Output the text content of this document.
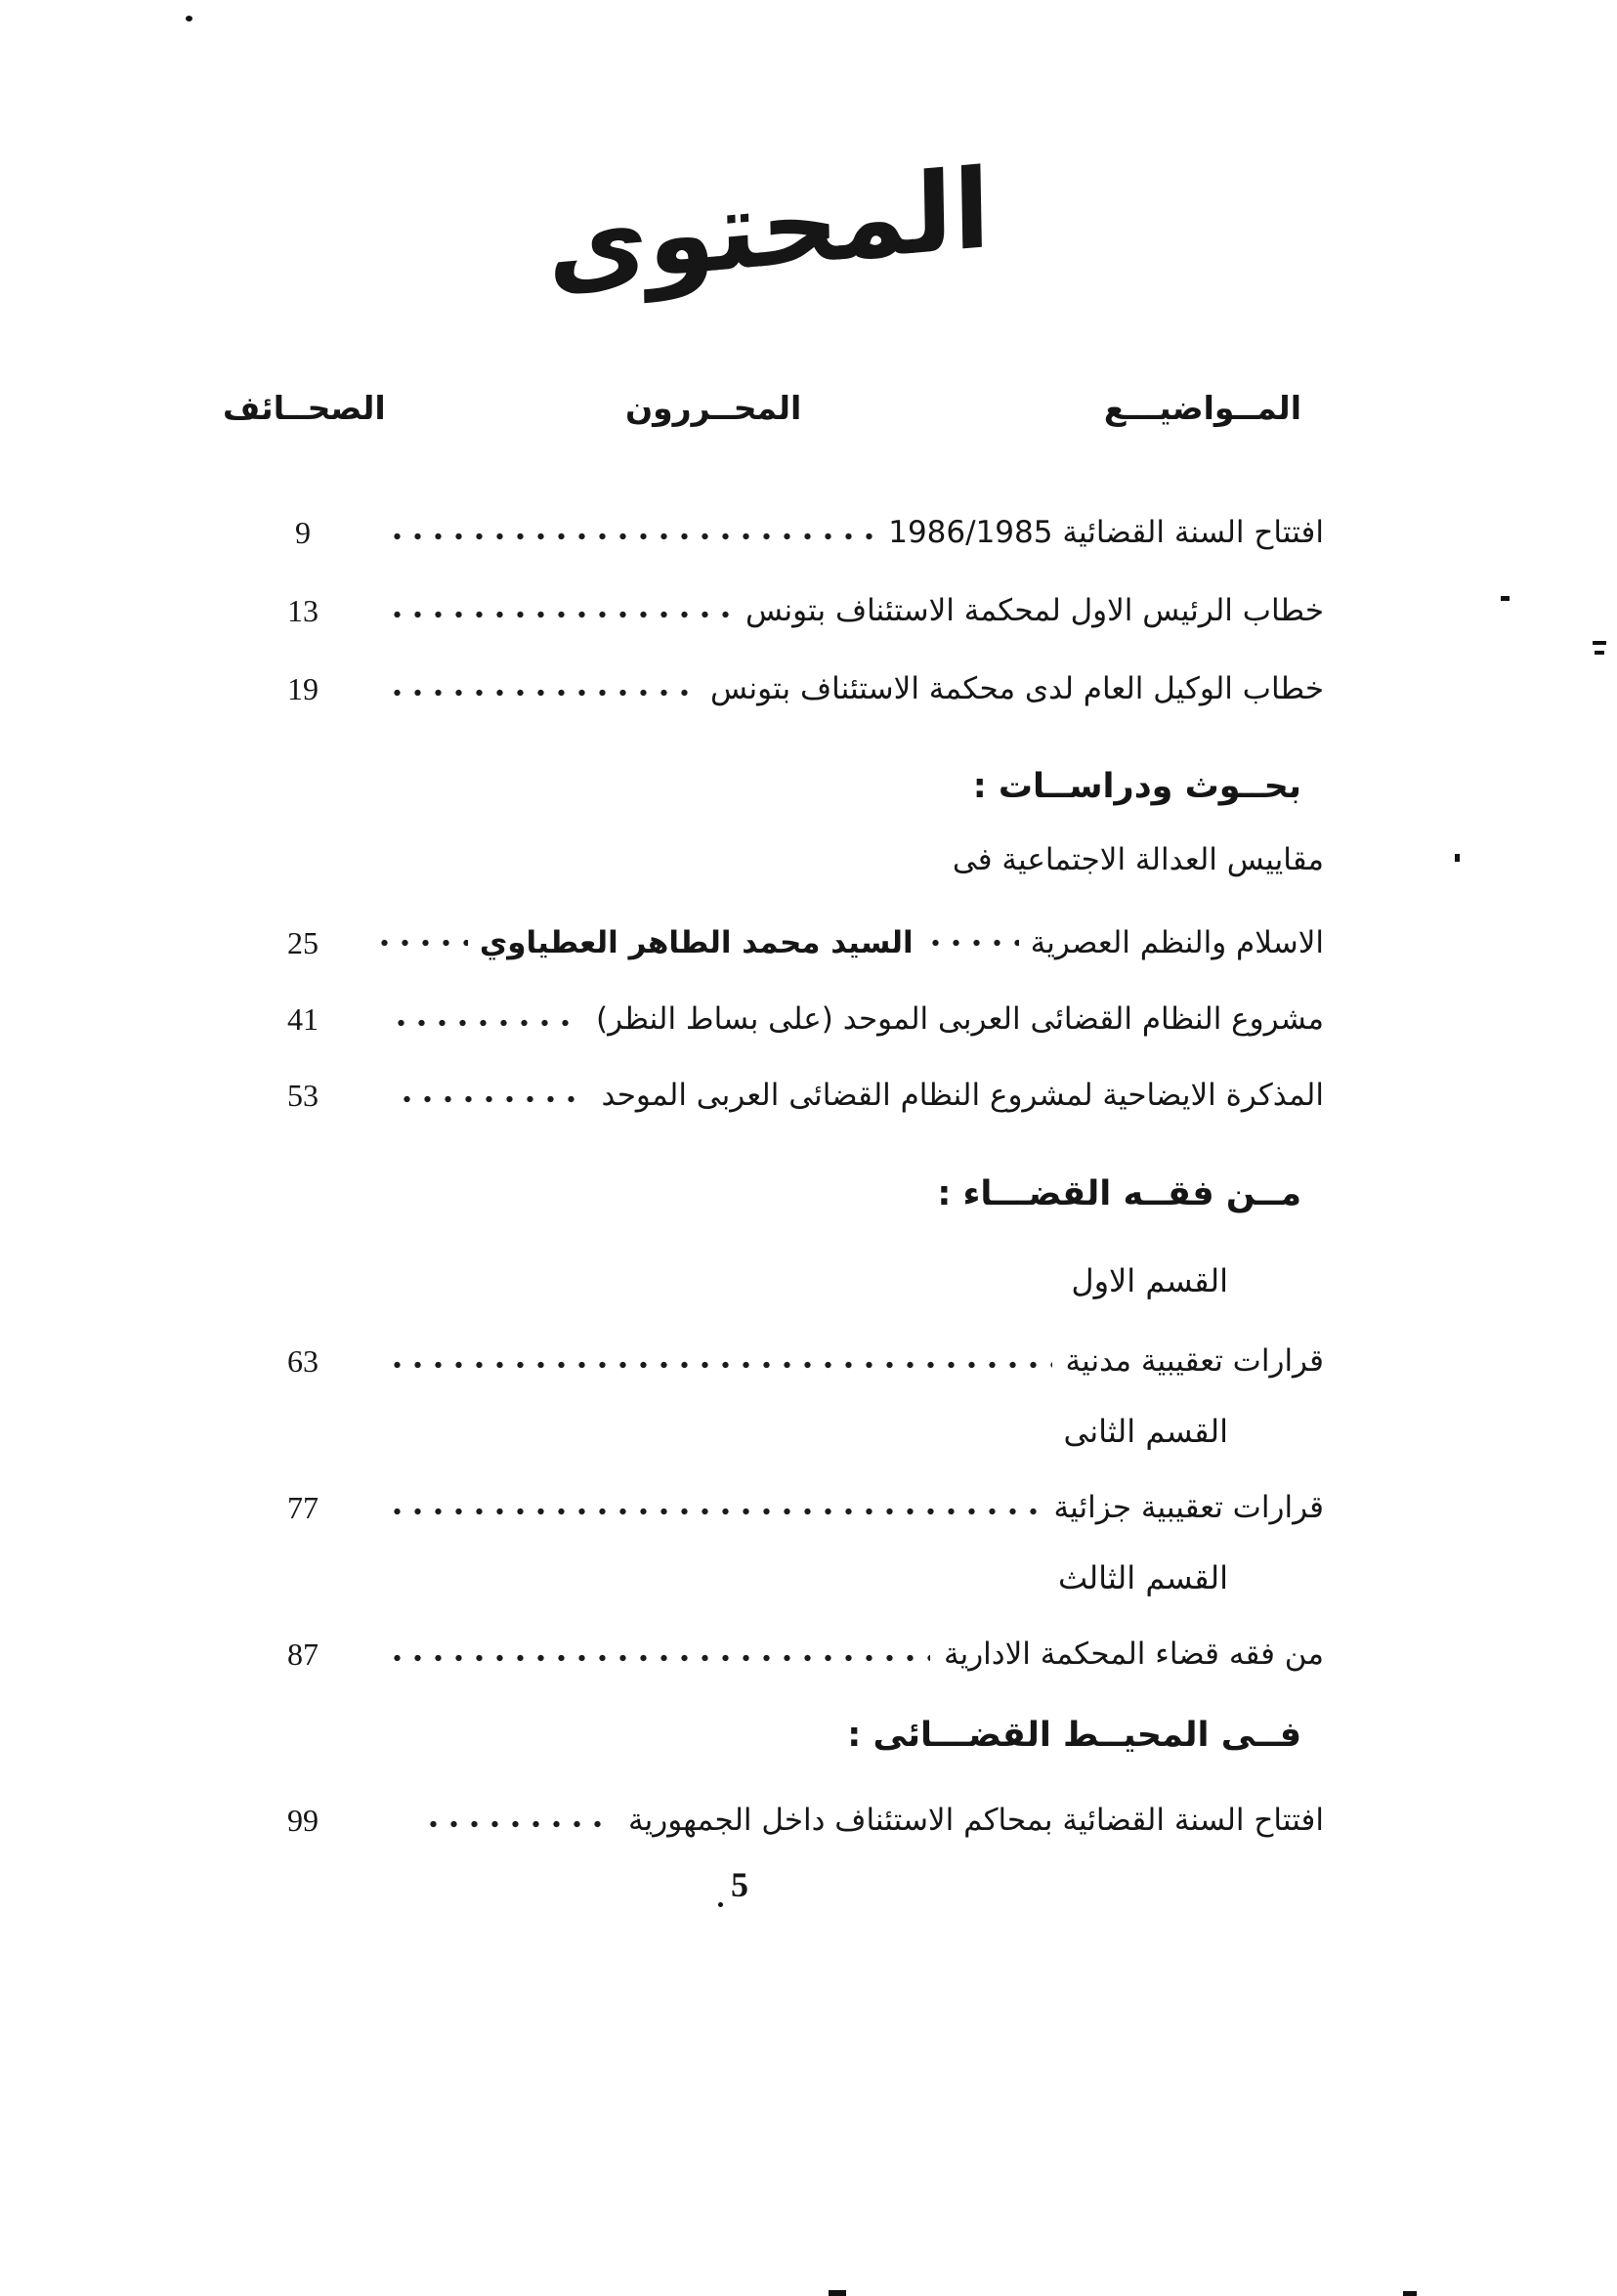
المحتوى
المــواضيـــع
المحــررون
الصحــائف
افتتاح السنة القضائية 1986/1985
9
خطاب الرئيس الاول لمحكمة الاستئناف بتونس
13
خطاب الوكيل العام لدى محكمة الاستئناف بتونس
19
بحــوث ودراســات :
مقاييس العدالة الاجتماعية فى
الاسلام والنظم العصرية
السيد محمد الطاهر العطياوي
25
مشروع النظام القضائى العربى الموحد (على بساط النظر)
41
المذكرة الايضاحية لمشروع النظام القضائى العربى الموحد
53
مــن فقــه القضـــاء :
القسم الاول
قرارات تعقيبية مدنية
63
القسم الثانى
قرارات تعقيبية جزائية
77
القسم الثالث
من فقه قضاء المحكمة الادارية
87
فــى المحيــط القضـــائى :
افتتاح السنة القضائية بمحاكم الاستئناف داخل الجمهورية
99
5
